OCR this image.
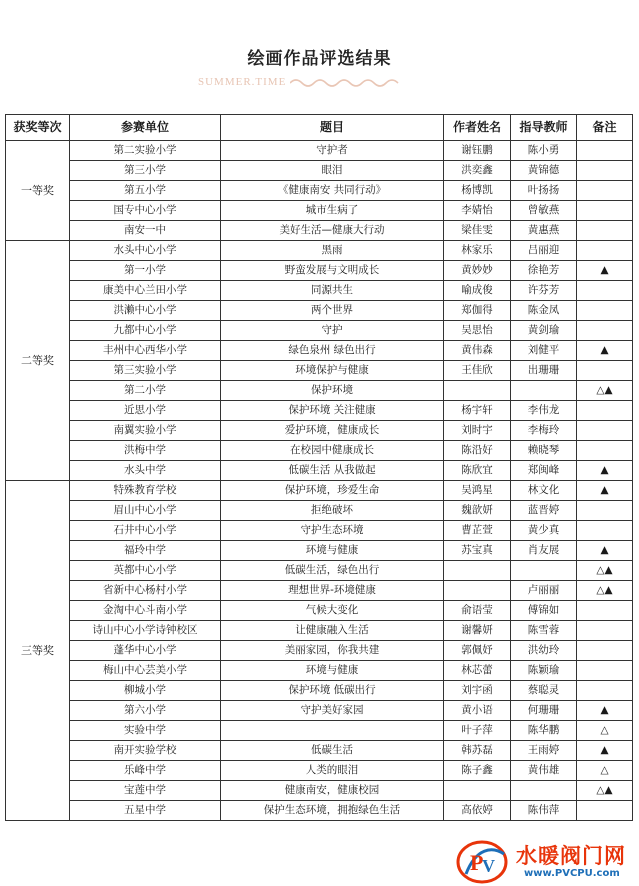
绘画作品评选结果
SUMMER.TIME
获奖等次	参赛单位	题目	作者姓名	指导教师	备注
一等奖	第二实验小学	守护者	谢钰鹏	陈小勇	
	第三小学	眼泪	洪奕鑫	黄锦德	
	第五小学	《健康南安 共同行动》	杨博凯	叶扬扬	
	国专中心小学	城市生病了	李婧怡	曾敏燕	
	南安一中	美好生活—健康大行动	梁佳雯	黄惠燕	
二等奖	水头中心小学	黑雨	林家乐	吕丽迎	
	第一小学	野蛮发展与文明成长	黄妙妙	徐艳芳	▲
	康美中心兰田小学	同源共生	喻成俊	许芬芳	
	洪濑中心小学	两个世界	郑伽得	陈金凤	
	九都中心小学	守护	吴思怡	黄剑瑜	
	丰州中心西华小学	绿色泉州 绿色出行	黄伟森	刘健平	▲
	第三实验小学	环境保护与健康	王佳欣	出珊珊	
	第二小学	保护环境			△▲
	近思小学	保护环境 关注健康	杨宇轩	李伟龙	
	南翼实验小学	爱护环境，健康成长	刘时宇	李梅玲	
	洪梅中学	在校园中健康成长	陈沿好	赖晓琴	
	水头中学	低碳生活 从我做起	陈欣宜	郑闽峰	▲
三等奖	特殊教育学校	保护环境，珍爱生命	吴鸿星	林文化	▲
	眉山中心小学	拒绝破坏	魏歆妍	蓝晋婷	
	石井中心小学	守护生态环境	曹芷萱	黄少真	
	福玲中学	环境与健康	苏宝真	肖友展	▲
	英都中心小学	低碳生活，绿色出行			△▲
	省新中心杨村小学	理想世界-环境健康		卢丽丽	△▲
	金淘中心斗南小学	气候大变化	俞语莹	傅锦如	
	诗山中心小学诗钟校区	让健康融入生活	谢馨妍	陈雪蓉	
	蓬华中心小学	美丽家园，你我共建	郭佩妤	洪幼玲	
	梅山中心芸美小学	环境与健康	林芯蕾	陈颖瑜	
	柳城小学	保护环境 低碳出行	刘宇函	蔡聪灵	
	第六小学	守护美好家园	黄小语	何珊珊	▲
	实验中学		叶子萍	陈华鹏	△
	南开实验学校	低碳生活	韩苏磊	王雨婷	▲
	乐峰中学	人类的眼泪	陈子鑫	黄伟雄	△
	宝莲中学	健康南安，健康校园			△▲
	五星中学	保护生态环境，拥抱绿色生活	高依婷	陈伟萍	
P
V 水暖阀门网
www.PVCPU.com
